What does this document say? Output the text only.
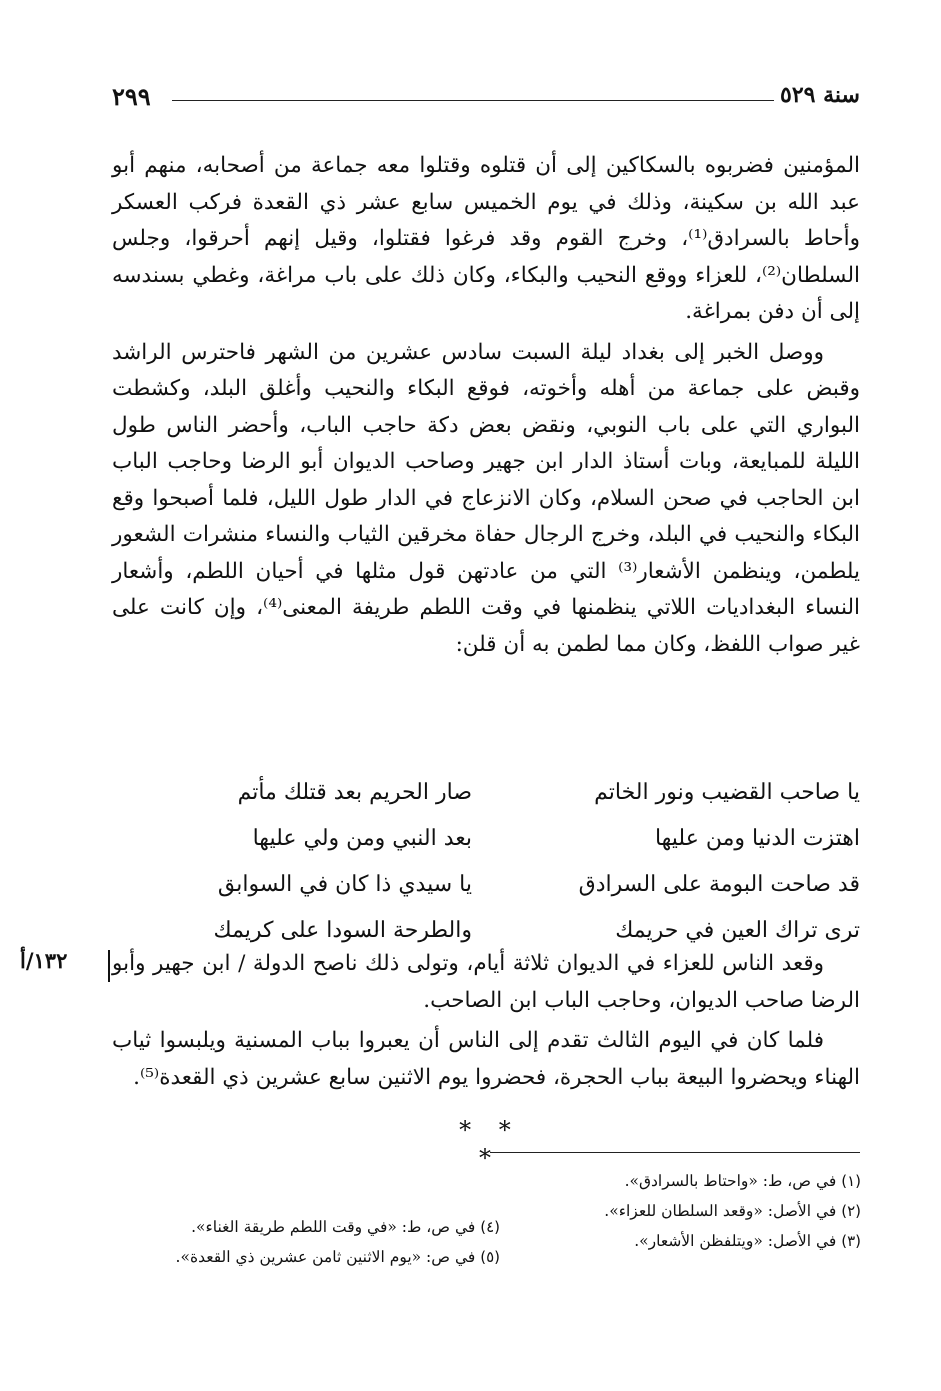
سنة ٥٢٩
٢٩٩

المؤمنين فضربوه بالسكاكين إلى أن قتلوه وقتلوا معه جماعة من أصحابه، منهم أبو عبد الله بن سكينة، وذلك في يوم الخميس سابع عشر ذي القعدة فركب العسكر وأحاط بالسرادق⁽¹⁾، وخرج القوم وقد فرغوا فقتلوا، وقيل إنهم أحرقوا، وجلس السلطان⁽²⁾، للعزاء ووقع النحيب والبكاء، وكان ذلك على باب مراغة، وغطي بسندسه إلى أن دفن بمراغة.

ووصل الخبر إلى بغداد ليلة السبت سادس عشرين من الشهر فاحترس الراشد وقبض على جماعة من أهله وأخوته، فوقع البكاء والنحيب وأغلق البلد، وكشطت البواري التي على باب النوبي، ونقض بعض دكة حاجب الباب، وأحضر الناس طول الليلة للمبايعة، وبات أستاذ الدار ابن جهير وصاحب الديوان أبو الرضا وحاجب الباب ابن الحاجب في صحن السلام، وكان الانزعاج في الدار طول الليل، فلما أصبحوا وقع البكاء والنحيب في البلد، وخرج الرجال حفاة مخرقين الثياب والنساء منشرات الشعور يلطمن، وينظمن الأشعار⁽³⁾ التي من عادتهن قول مثلها في أحيان اللطم، وأشعار النساء البغداديات اللاتي ينظمنها في وقت اللطم طريفة المعنى⁽⁴⁾، وإن كانت على غير صواب اللفظ، وكان مما لطمن به أن قلن:

يا صاحب القضيب ونور الخاتم
صار الحريم بعد قتلك مأتم
اهتزت الدنيا ومن عليها
بعد النبي ومن ولي عليها
قد صاحت البومة على السرادق
يا سيدي ذا كان في السوابق
ترى تراك العين في حريمك
والطرحة السودا على كريمك
١٣٢/أ وقعد الناس للعزاء في الديوان ثلاثة أيام، وتولى ذلك ناصح الدولة / ابن جهير وأبو الرضا صاحب الديوان، وحاجب الباب ابن الصاحب.

فلما كان في اليوم الثالث تقدم إلى الناس أن يعبروا بباب المسنية ويلبسوا ثياب الهناء ويحضروا البيعة بباب الحجرة، فحضروا يوم الاثنين سابع عشرين ذي القعدة⁽⁵⁾.

* * *

(١) في ص، ط: «واحتاط بالسرادق».

(٢) في الأصل: «وقعد السلطان للعزاء».

(٣) في الأصل: «ويتلفظن الأشعار».

(٤) في ص، ط: «في وقت اللطم طريقة الغناء».

(٥) في ص: «يوم الاثنين ثامن عشرين ذي القعدة».
